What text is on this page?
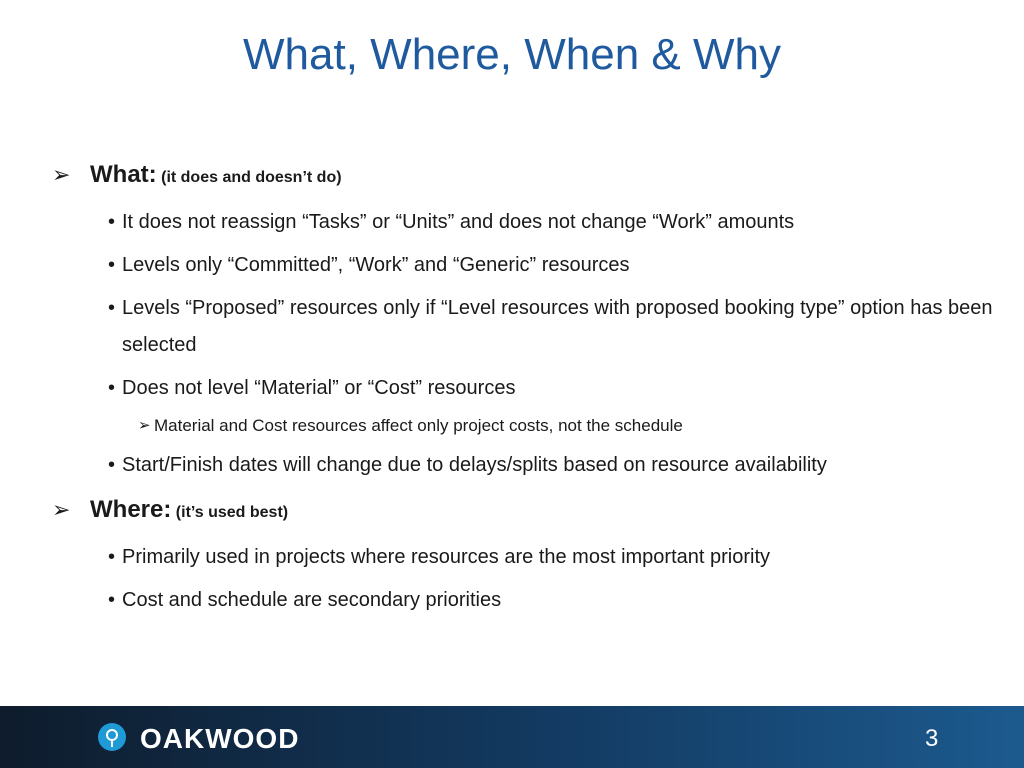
What, Where, When & Why
➢ What: (it does and doesn’t do)
• It does not reassign “Tasks” or “Units” and does not change “Work” amounts
• Levels only “Committed”, “Work” and “Generic” resources
• Levels “Proposed” resources only if “Level resources with proposed booking type” option has been selected
• Does not level “Material” or “Cost” resources
➢ Material and Cost resources affect only project costs, not the schedule
• Start/Finish dates will change due to delays/splits based on resource availability
➢ Where: (it’s used best)
• Primarily used in projects where resources are the most important priority
• Cost and schedule are secondary priorities
OAKWOOD	3
